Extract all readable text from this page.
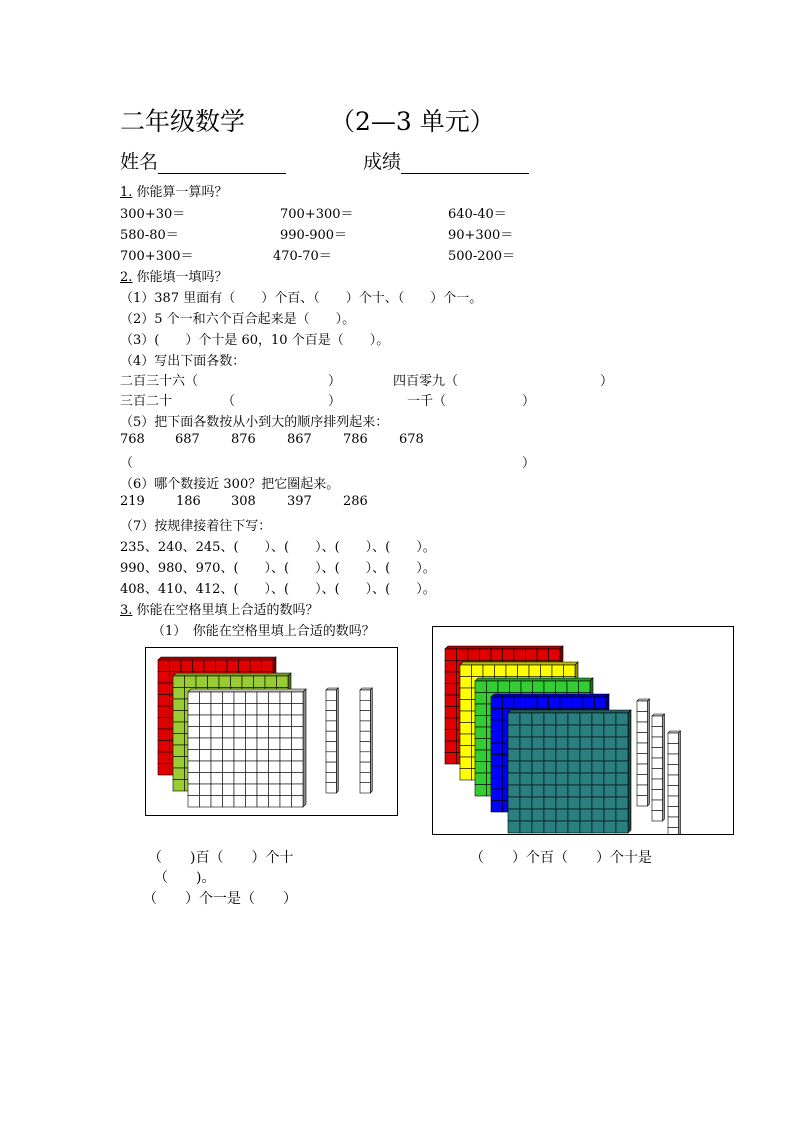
二年级数学	（2—3 单元）
姓名	成绩
1. 你能算一算吗？
300+30＝	700+300＝	640-40＝
580-80＝	990-900＝	90+300＝
700+300＝	470-70＝	500-200＝
2. 你能填一填吗？
（1）387 里面有（　　）个百、（　　）个十、（　　）个一。
（2）5 个一和六个百合起来是（　　）。
（3）(　　）个十是 60，10 个百是（　　）。
（4）写出下面各数：
二百三十六（	）	四百零九（	）
三百二十	（	）	一千（	）
（5）把下面各数按从小到大的顺序排列起来：
768 687 876 867 786 678
（	）
（6）哪个数接近 300？把它圈起来。
219 186 308 397 286
（7）按规律接着往下写：
235、240、245、(　　）、(　　）、(　　）、(　　）。
990、980、970、(　　）、(　　）、(　　）、(　　）。
408、410、412、(　　）、(　　）、(　　）、(　　）。
3. 你能在空格里填上合适的数吗？
（1）　你能在空格里填上合适的数吗？
（　　)百（　　）个十
（　　)。
（　　）个一是（　　）
（　　）个百（　　）个十是
